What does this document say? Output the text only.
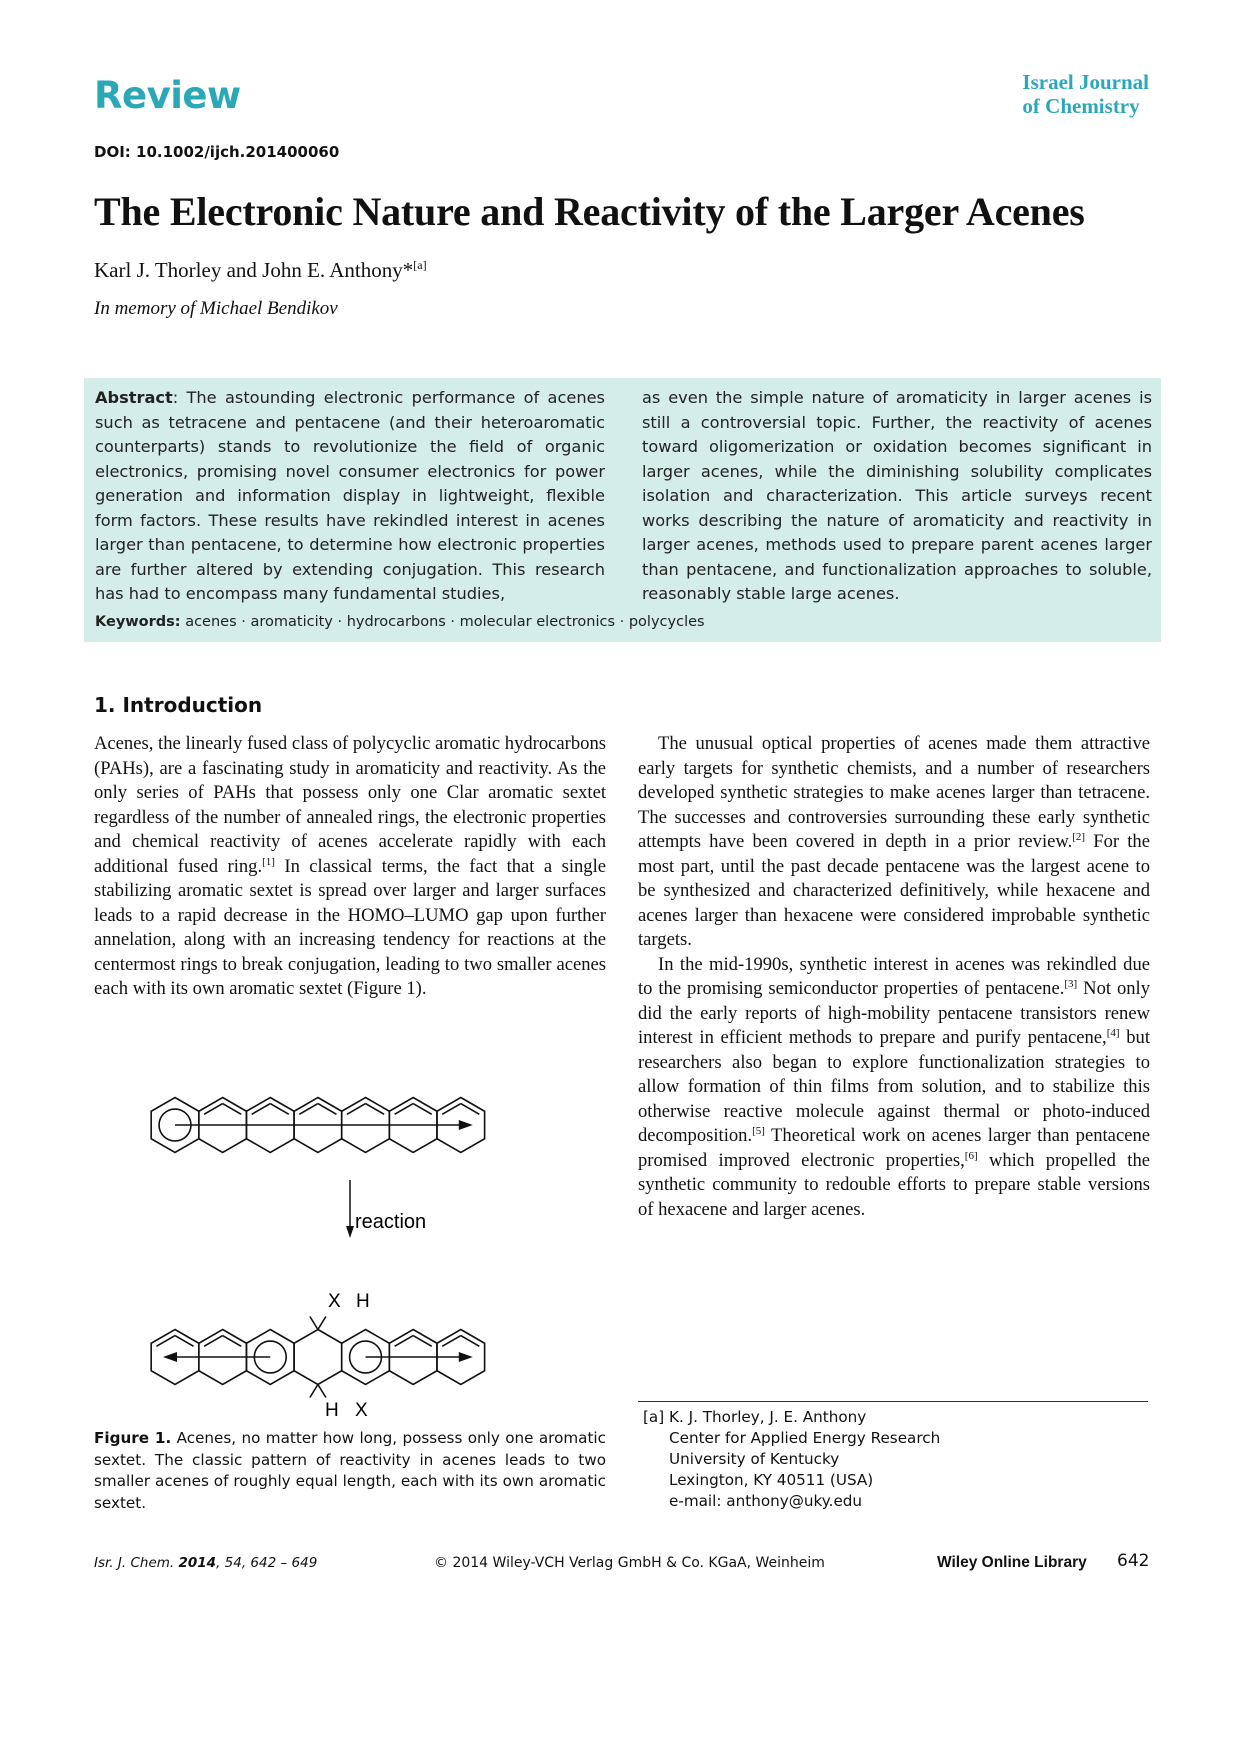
Review	Israel Journal
of Chemistry
DOI: 10.1002/ijch.201400060
The Electronic Nature and Reactivity of the Larger Acenes
Karl J. Thorley and John E. Anthony*[a]
In memory of Michael Bendikov
Abstract: The astounding electronic performance of acenes such as tetracene and pentacene (and their heteroaromatic counterparts) stands to revolutionize the field of organic electronics, promising novel consumer electronics for power generation and information display in lightweight, flexible form factors. These results have rekindled interest in acenes larger than pentacene, to determine how electronic properties are further altered by extending conjugation. This research has had to encompass many fundamental studies,
as even the simple nature of aromaticity in larger acenes is still a controversial topic. Further, the reactivity of acenes toward oligomerization or oxidation becomes significant in larger acenes, while the diminishing solubility complicates isolation and characterization. This article surveys recent works describing the nature of aromaticity and reactivity in larger acenes, methods used to prepare parent acenes larger than pentacene, and functionalization approaches to soluble, reasonably stable large acenes.
Keywords: acenes · aromaticity · hydrocarbons · molecular electronics · polycycles
1. Introduction

Acenes, the linearly fused class of polycyclic aromatic hydrocarbons (PAHs), are a fascinating study in aromaticity and reactivity. As the only series of PAHs that possess only one Clar aromatic sextet regardless of the number of annealed rings, the electronic properties and chemical reactivity of acenes accelerate rapidly with each additional fused ring.[1] In classical terms, the fact that a single stabilizing aromatic sextet is spread over larger and larger surfaces leads to a rapid decrease in the HOMO–LUMO gap upon further annelation, along with an increasing tendency for reactions at the centermost rings to break conjugation, leading to two smaller acenes each with its own aromatic sextet (Figure 1).

The unusual optical properties of acenes made them attractive early targets for synthetic chemists, and a number of researchers developed synthetic strategies to make acenes larger than tetracene. The successes and controversies surrounding these early synthetic attempts have been covered in depth in a prior review.[2] For the most part, until the past decade pentacene was the largest acene to be synthesized and characterized definitively, while hexacene and acenes larger than hexacene were considered improbable synthetic targets.

In the mid-1990s, synthetic interest in acenes was rekindled due to the promising semiconductor properties of pentacene.[3] Not only did the early reports of high-mobility pentacene transistors renew interest in efficient methods to prepare and purify pentacene,[4] but researchers also began to explore functionalization strategies to allow formation of thin films from solution, and to stabilize this otherwise reactive molecule against thermal or photo-induced decomposition.[5] Theoretical work on acenes larger than pentacene promised improved electronic properties,[6] which propelled the synthetic community to redouble efforts to prepare stable versions of hexacene and larger acenes.

reaction
X H
H X
Figure 1. Acenes, no matter how long, possess only one aromatic sextet. The classic pattern of reactivity in acenes leads to two smaller acenes of roughly equal length, each with its own aromatic sextet.
[a] K. J. Thorley, J. E. Anthony
Center for Applied Energy Research
University of Kentucky
Lexington, KY 40511 (USA)
e-mail: anthony@uky.edu
Isr. J. Chem. 2014, 54, 642 – 649	© 2014 Wiley-VCH Verlag GmbH & Co. KGaA, Weinheim	Wiley Online Library 642
